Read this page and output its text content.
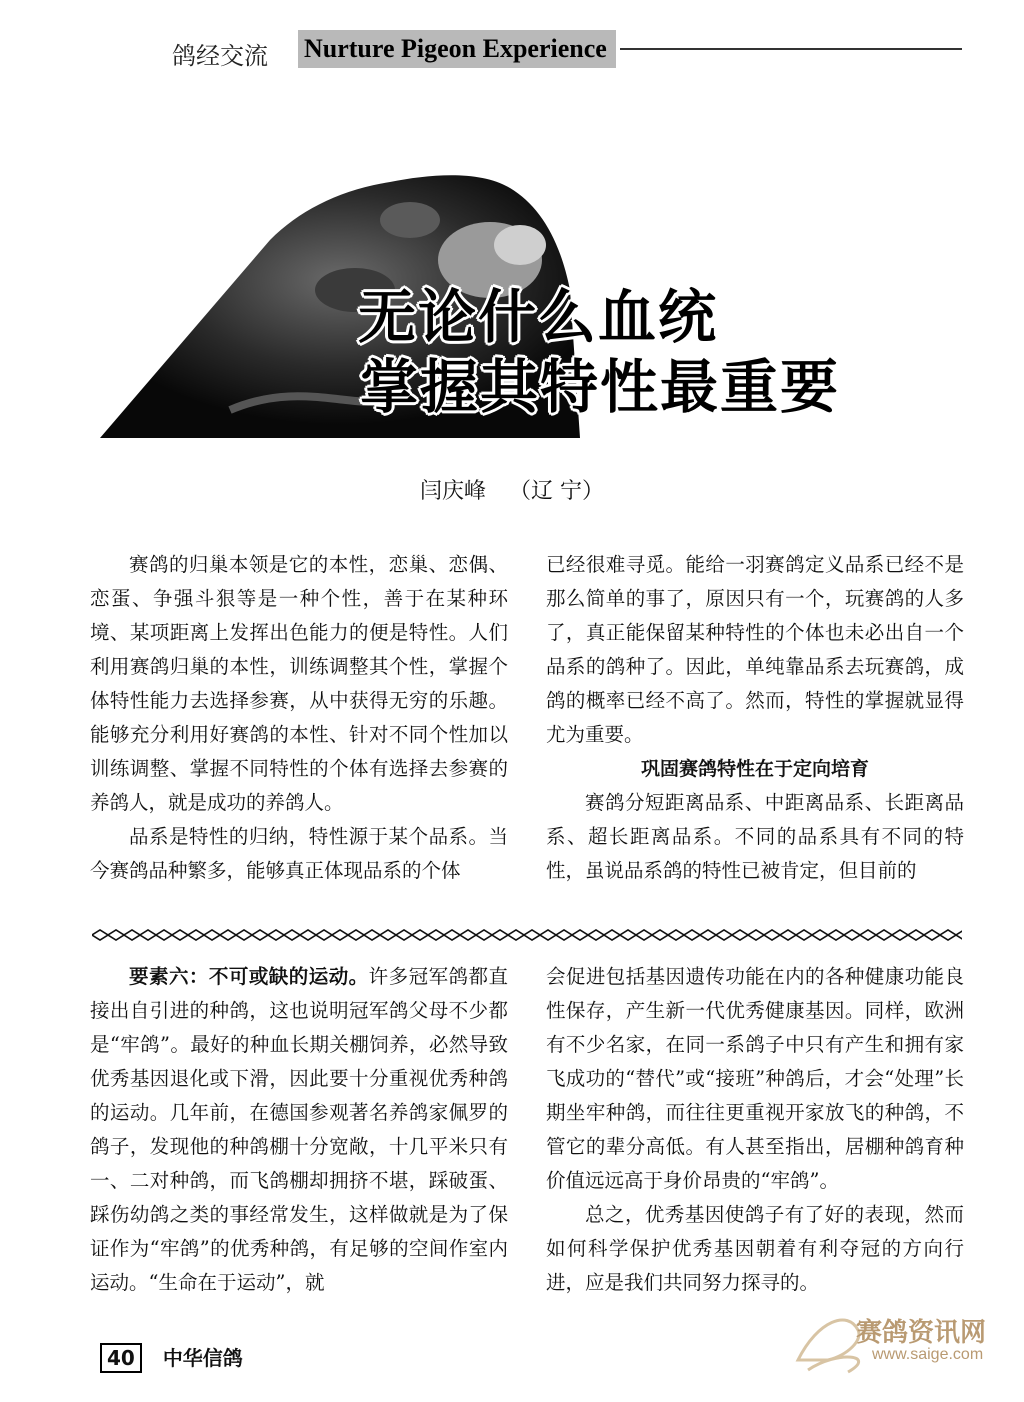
鸽经交流 Nurture Pigeon Experience
无论什么血统
掌握其特性最重要
闫庆峰 （辽 宁）

赛鸽的归巢本领是它的本性，恋巢、恋偶、恋蛋、争强斗狠等是一种个性，善于在某种环境、某项距离上发挥出色能力的便是特性。人们利用赛鸽归巢的本性，训练调整其个性，掌握个体特性能力去选择参赛，从中获得无穷的乐趣。能够充分利用好赛鸽的本性、针对不同个性加以训练调整、掌握不同特性的个体有选择去参赛的养鸽人，就是成功的养鸽人。

品系是特性的归纳，特性源于某个品系。当今赛鸽品种繁多，能够真正体现品系的个体

已经很难寻觅。能给一羽赛鸽定义品系已经不是那么简单的事了，原因只有一个，玩赛鸽的人多了，真正能保留某种特性的个体也未必出自一个品系的鸽种了。因此，单纯靠品系去玩赛鸽，成鸽的概率已经不高了。然而，特性的掌握就显得尤为重要。

巩固赛鸽特性在于定向培育

赛鸽分短距离品系、中距离品系、长距离品系、超长距离品系。不同的品系具有不同的特性，虽说品系鸽的特性已被肯定，但目前的

要素六：不可或缺的运动。许多冠军鸽都直接出自引进的种鸽，这也说明冠军鸽父母不少都是“牢鸽”。最好的种血长期关棚饲养，必然导致优秀基因退化或下滑，因此要十分重视优秀种鸽的运动。几年前，在德国参观著名养鸽家佩罗的鸽子，发现他的种鸽棚十分宽敞，十几平米只有一、二对种鸽，而飞鸽棚却拥挤不堪，踩破蛋、踩伤幼鸽之类的事经常发生，这样做就是为了保证作为“牢鸽”的优秀种鸽，有足够的空间作室内运动。“生命在于运动”，就

会促进包括基因遗传功能在内的各种健康功能良性保存，产生新一代优秀健康基因。同样，欧洲有不少名家，在同一系鸽子中只有产生和拥有家飞成功的“替代”或“接班”种鸽后，才会“处理”长期坐牢种鸽，而往往更重视开家放飞的种鸽，不管它的辈分高低。有人甚至指出，居棚种鸽育种价值远远高于身价昂贵的“牢鸽”。

总之，优秀基因使鸽子有了好的表现，然而如何科学保护优秀基因朝着有利夺冠的方向行进，应是我们共同努力探寻的。

40 中华信鸽
赛鸽资讯网
www.saige.com
